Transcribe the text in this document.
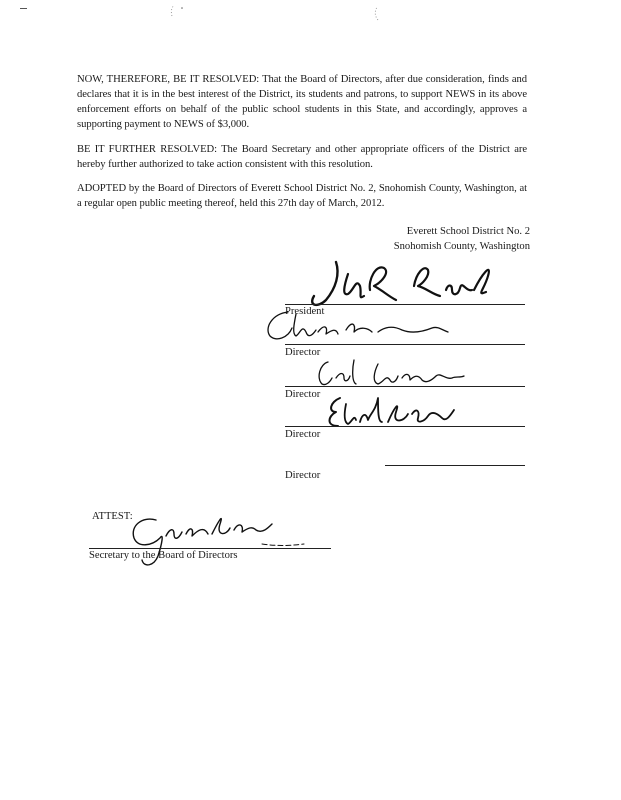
NOW, THEREFORE, BE IT RESOLVED: That the Board of Directors, after due consideration, finds and declares that it is in the best interest of the District, its students and patrons, to support NEWS in its above enforcement efforts on behalf of the public school students in this State, and accordingly, approves a supporting payment to NEWS of $3,000.

BE IT FURTHER RESOLVED: The Board Secretary and other appropriate officers of the District are hereby further authorized to take action consistent with this resolution.

ADOPTED by the Board of Directors of Everett School District No. 2, Snohomish County, Washington, at a regular open public meeting thereof, held this 27th day of March, 2012.

Everett School District No. 2
Snohomish County, Washington
President
Director
Director
Director
Director
ATTEST:
Secretary to the Board of Directors
